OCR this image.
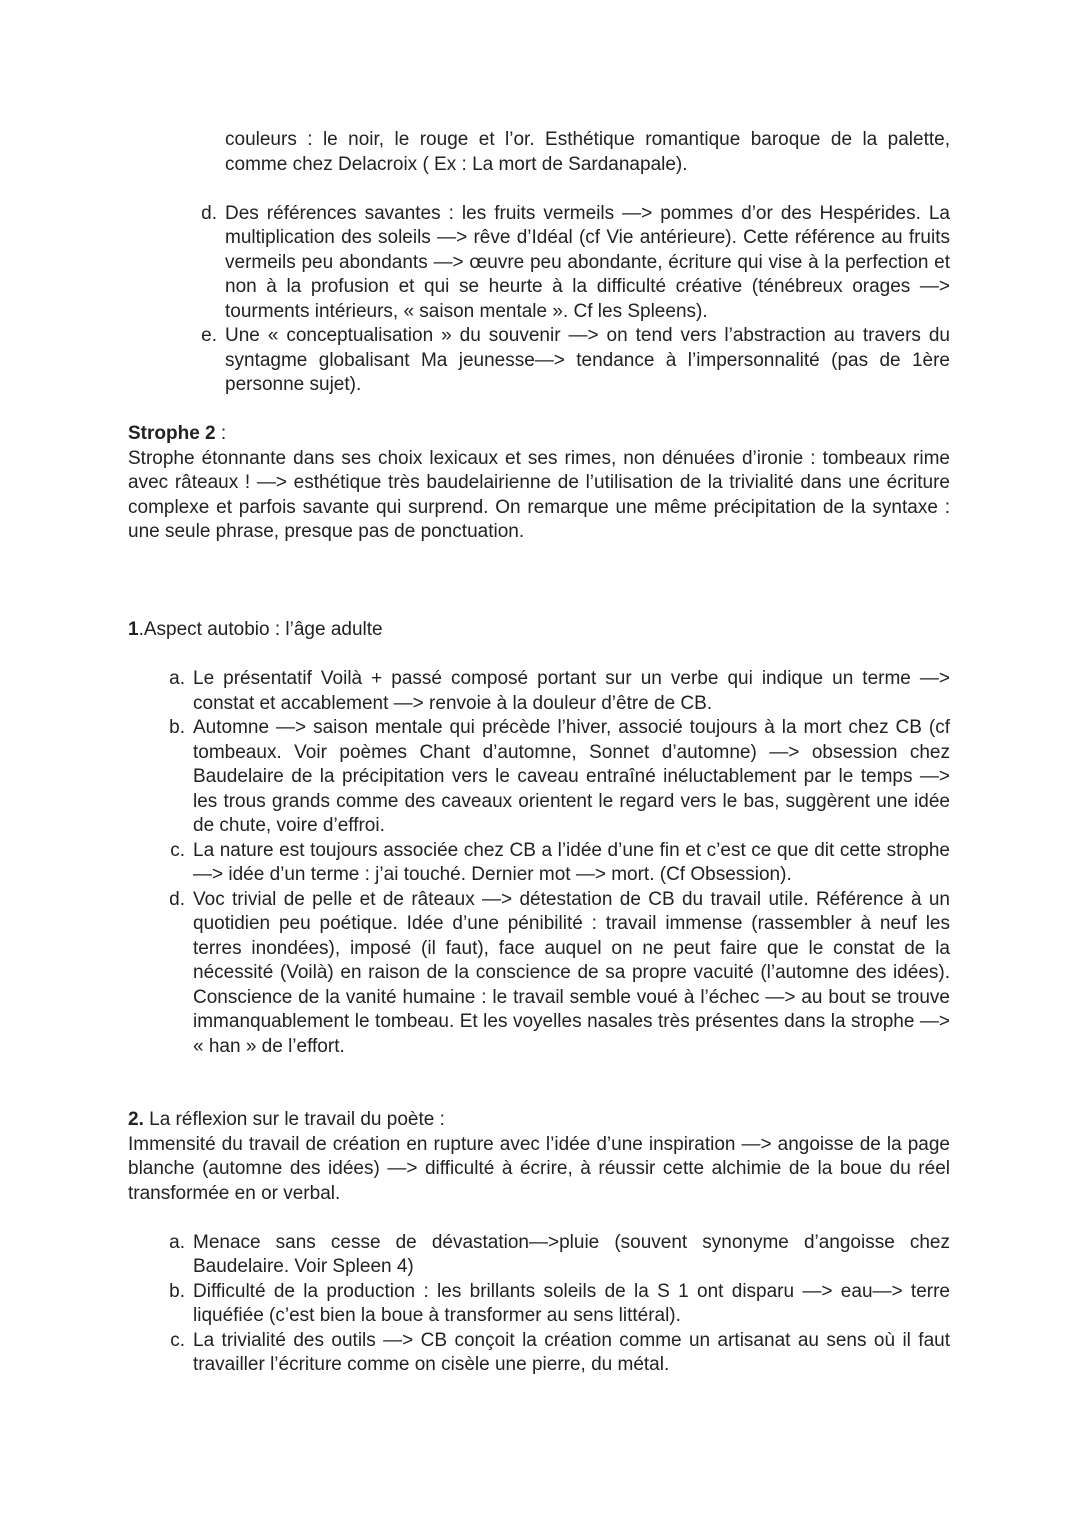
couleurs : le noir, le rouge et l’or. Esthétique romantique baroque de la palette, comme chez Delacroix ( Ex : La mort de Sardanapale).

d. Des références savantes : les fruits vermeils —> pommes d’or des Hespérides. La multiplication des soleils —> rêve d’Idéal (cf Vie antérieure). Cette référence au fruits vermeils peu abondants —> œuvre peu abondante, écriture qui vise à la perfection et non à la profusion et qui se heurte à la difficulté créative (ténébreux orages —> tourments intérieurs, « saison mentale ». Cf les Spleens).
e. Une « conceptualisation » du souvenir —> on tend vers l’abstraction au travers du syntagme globalisant Ma jeunesse—> tendance à l’impersonnalité (pas de 1ère personne sujet).
Strophe 2 :

Strophe étonnante dans ses choix lexicaux et ses rimes, non dénuées d’ironie : tombeaux rime avec râteaux ! —> esthétique très baudelairienne de l’utilisation de la trivialité dans une écriture complexe et parfois savante qui surprend. On remarque une même précipitation de la syntaxe : une seule phrase, presque pas de ponctuation.

1.Aspect autobio : l’âge adulte
a. Le présentatif Voilà + passé composé portant sur un verbe qui indique un terme —> constat et accablement —> renvoie à la douleur d’être de CB.
b. Automne —> saison mentale qui précède l’hiver, associé toujours à la mort chez CB (cf tombeaux. Voir poèmes Chant d’automne, Sonnet d’automne) —> obsession chez Baudelaire de la précipitation vers le caveau entraîné inéluctablement par le temps —> les trous grands comme des caveaux orientent le regard vers le bas, suggèrent une idée de chute, voire d’effroi.
c. La nature est toujours associée chez CB a l’idée d’une fin et c’est ce que dit cette strophe —> idée d’un terme : j’ai touché. Dernier mot —> mort. (Cf Obsession).
d. Voc trivial de pelle et de râteaux —> détestation de CB du travail utile. Référence à un quotidien peu poétique. Idée d’une pénibilité : travail immense (rassembler à neuf les terres inondées), imposé (il faut), face auquel on ne peut faire que le constat de la nécessité (Voilà) en raison de la conscience de sa propre vacuité (l’automne des idées). Conscience de la vanité humaine : le travail semble voué à l’échec —> au bout se trouve immanquablement le tombeau. Et les voyelles nasales très présentes dans la strophe —> « han » de l’effort.
2. La réflexion sur le travail du poète :

Immensité du travail de création en rupture avec l’idée d’une inspiration —> angoisse de la page blanche (automne des idées) —> difficulté à écrire, à réussir cette alchimie de la boue du réel transformée en or verbal.

a. Menace sans cesse de dévastation—>pluie (souvent synonyme d’angoisse chez Baudelaire. Voir Spleen 4)
b. Difficulté de la production : les brillants soleils de la S 1 ont disparu —> eau—> terre liquéfiée (c’est bien la boue à transformer au sens littéral).
c. La trivialité des outils —> CB conçoit la création comme un artisanat au sens où il faut travailler l’écriture comme on cisèle une pierre, du métal.
